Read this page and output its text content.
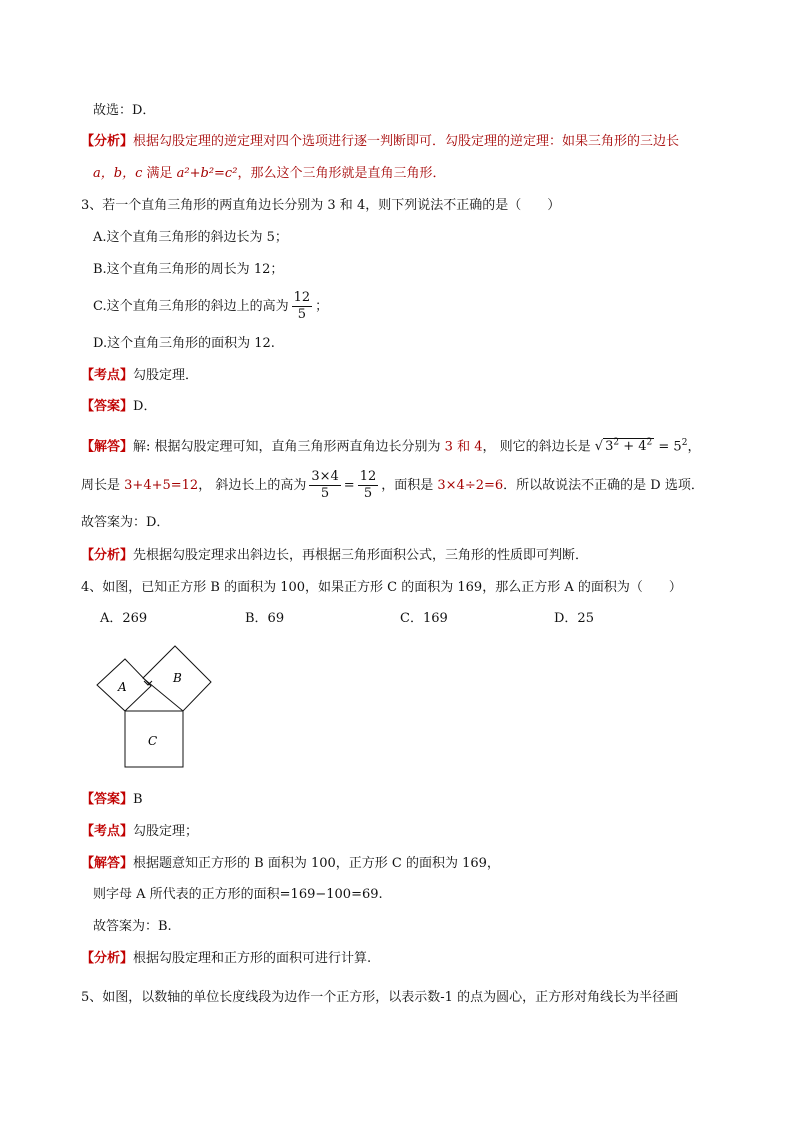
故选：D．
【分析】根据勾股定理的逆定理对四个选项进行逐一判断即可．勾股定理的逆定理：如果三角形的三边长
a，b，c 满足 a²+b²=c²，那么这个三角形就是直角三角形．
3、若一个直角三角形的两直角边长分别为 3 和 4，则下列说法不正确的是（　　）
A.这个直角三角形的斜边长为 5；
B.这个直角三角形的周长为 12；
C.这个直角三角形的斜边上的高为 $\frac{12}{5}$ ；
D.这个直角三角形的面积为 12.
【考点】勾股定理．
【答案】D．
【解答】解: 根据勾股定理可知，直角三角形两直角边长分别为 3 和 4， 则它的斜边长是 √ $3^2 + 4^2 = 5^2$，
周长是 3+4+5=12， 斜边长上的高为 $\frac{3\times 4}{5} = \frac{12}{5}$ ，面积是 3×4÷2=6．所以故说法不正确的是 D 选项．
故答案为：D．
【分析】先根据勾股定理求出斜边长，再根据三角形面积公式，三角形的性质即可判断．
4、如图，已知正方形 B 的面积为 100，如果正方形 C 的面积为 169，那么正方形 A 的面积为（　　）
A．269	B．69	C．169	D．25
A
B
C
【答案】B
【考点】勾股定理；
【解答】根据题意知正方形的 B 面积为 100，正方形 C 的面积为 169，
则字母 A 所代表的正方形的面积=169−100=69.
故答案为：B.
【分析】根据勾股定理和正方形的面积可进行计算.
5、如图，以数轴的单位长度线段为边作一个正方形，以表示数-1 的点为圆心，正方形对角线长为半径画
